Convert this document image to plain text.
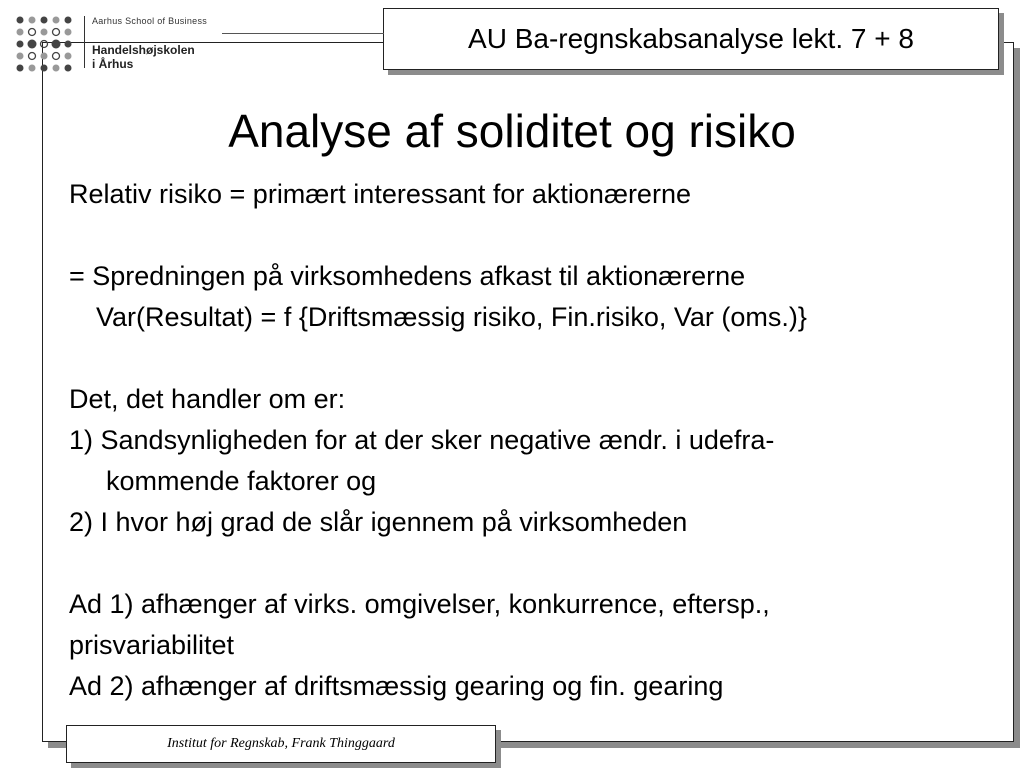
Aarhus School of Business
Handelshøjskolen
i Århus
AU Ba-regnskabsanalyse lekt. 7 + 8
Analyse af soliditet og risiko
Relativ risiko = primært interessant for aktionærerne
= Spredningen på virksomhedens afkast til aktionærerne
Var(Resultat) = f {Driftsmæssig risiko, Fin.risiko, Var (oms.)}
Det, det handler om er:
1) Sandsynligheden for at der sker negative ændr. i udefra-
kommende faktorer og
2) I hvor høj grad de slår igennem på virksomheden
Ad 1) afhænger af virks. omgivelser, konkurrence, eftersp.,
prisvariabilitet
Ad 2) afhænger af driftsmæssig gearing og fin. gearing
Institut for Regnskab, Frank Thinggaard
